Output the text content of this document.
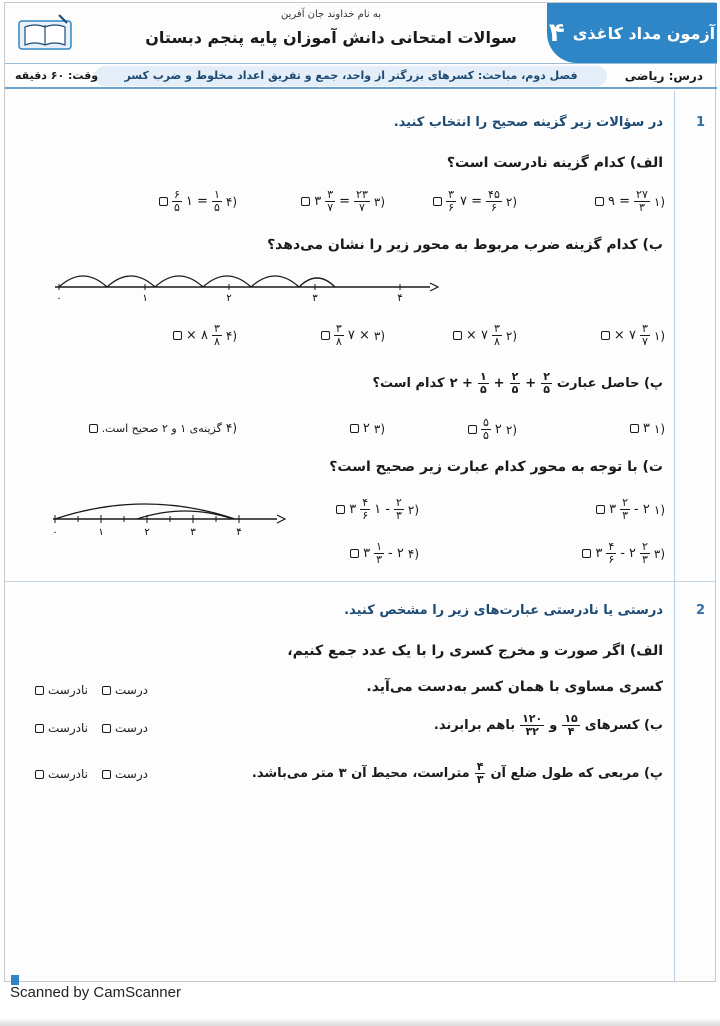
آزمون مداد کاغذی
۴
به نام خداوند جان آفرین
سوالات امتحانی دانش آموزان پایه پنجم دبستان
درس: ریاضی
فصل دوم، مباحث: کسرهای بزرگتر از واحد، جمع و تفریق اعداد مخلوط و ضرب کسر
وقت: ۶۰ دقیقه
1
در سؤالات زیر گزینه صحیح را انتخاب کنید.
الف) کدام گزینه نادرست است؟
(۱
$\frac{۲۷}{۳}$
= ۹
(۲
$\frac{۴۵}{۶}$
= ۷
$\frac{۳}{۶}$
(۳
$\frac{۲۳}{۷}$
=
$\frac{۳}{۷}$
۳
(۴
$\frac{۱}{۵}$
= ۱
$\frac{۶}{۵}$
ب) کدام گزینه ضرب مربوط به محور زیر را نشان می‌دهد؟
۰	۱	۲	۳	۴
(۱
$\frac{۳}{۷}$
۷ ×
(۲
$\frac{۳}{۸}$
۷ ×
(۳
× ۷
$\frac{۳}{۸}$
(۴
$\frac{۳}{۸}$
۸ ×
پ) حاصل عبارت
$\frac{۲}{۵}$
+
$\frac{۲}{۵}$
+
$\frac{۱}{۵}$
+ ۲
کدام است؟
(۱
۳
(۲
۲
$\frac{۵}{۵}$
(۳
۲
(۴
گزینه‌ی ۱ و ۲ صحیح است.
ت) با توجه به محور کدام عبارت زیر صحیح است؟
۰	۱	۲	۳	۴
(۱
۲ -
$\frac{۲}{۳}$
۳
(۲
$\frac{۲}{۳}$
- ۱
$\frac{۴}{۶}$
۳
(۳
$\frac{۲}{۳}$
۲
-
$\frac{۴}{۶}$
۳
(۴
۲ -
$\frac{۱}{۳}$
۳
2
درستی یا نادرستی عبارت‌های زیر را مشخص کنید.
الف) اگر صورت و مخرج کسری را با یک عدد جمع کنیم،
کسری مساوی با همان کسر به‌دست می‌آید.
درست
نادرست
ب) کسرهای
$\frac{۱۵}{۴}$
و
$\frac{۱۲۰}{۳۲}$
باهم برابرند.
درست
نادرست
پ) مربعی که طول ضلع آن
$\frac{۴}{۳}$
متراست، محیط آن ۳ متر می‌باشد.
درست
نادرست
Scanned by CamScanner
